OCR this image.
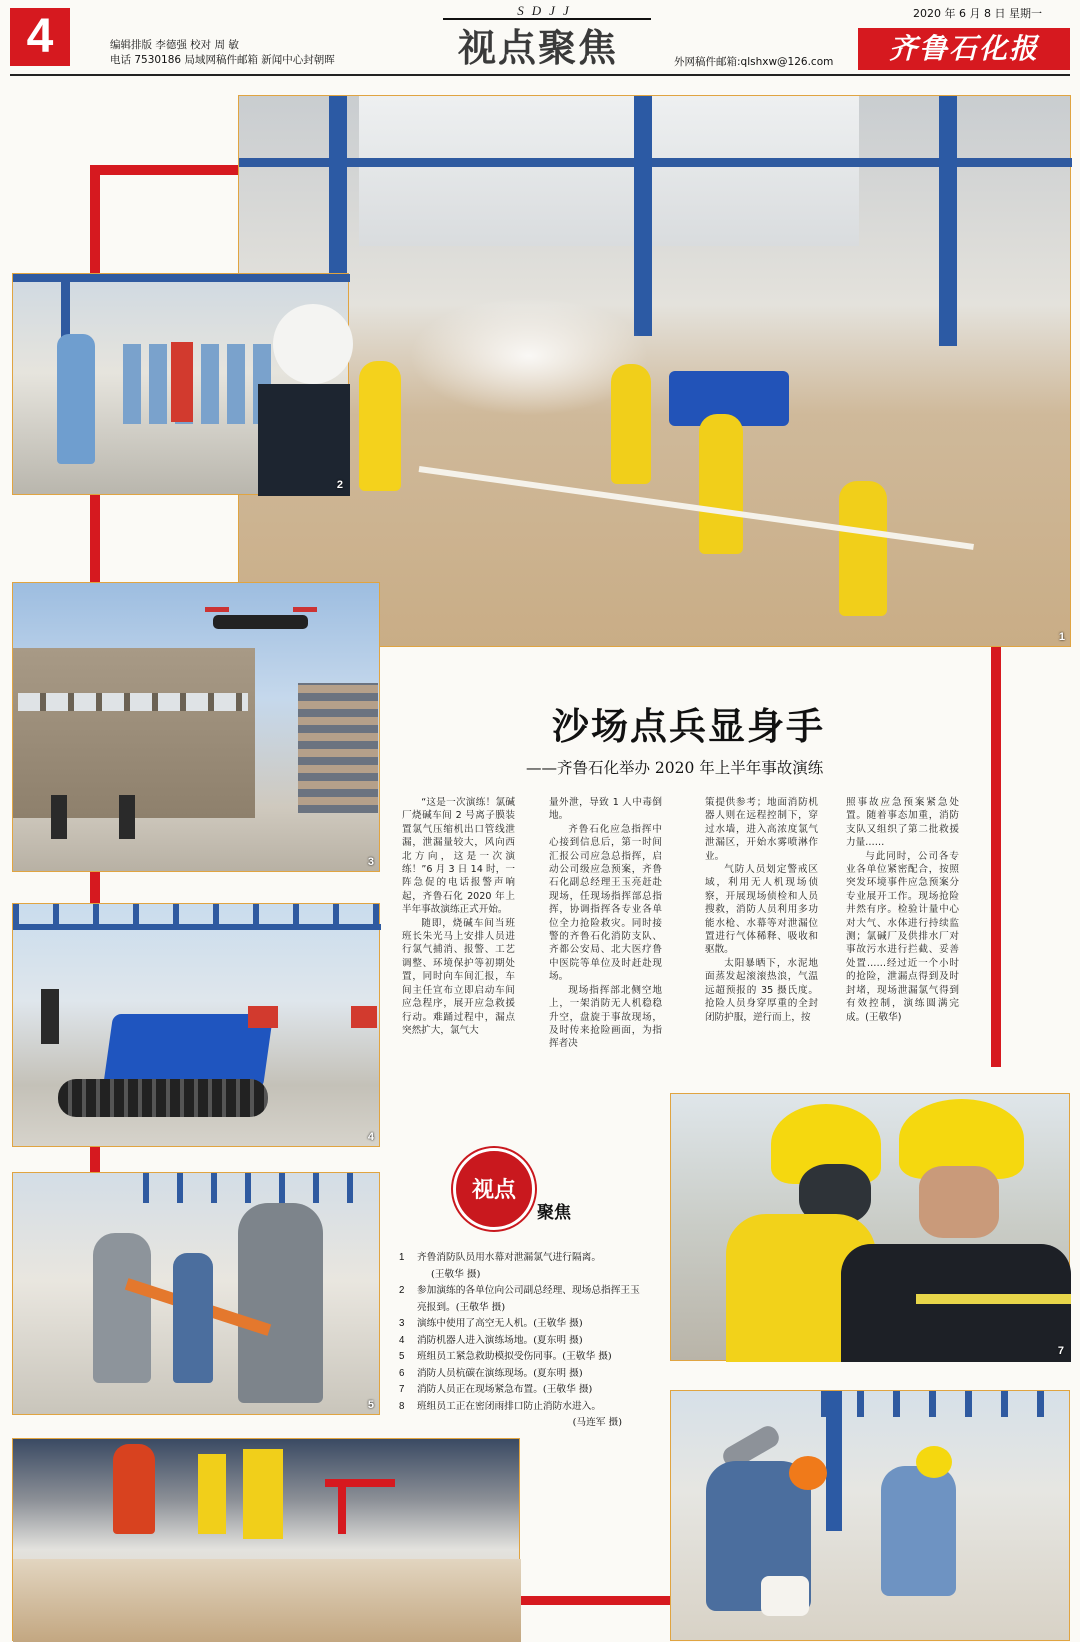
4	编辑排版 李德强 校对 周 敏
电话 7530186 局域网稿件邮箱 新闻中心封朝晖
SDJJ
视点聚焦	外网稿件邮箱:qlshxw@126.com
2020 年 6 月 8 日 星期一
齐鲁石化报
1
2
3
4
5
7
沙场点兵显身手
——齐鲁石化举办 2020 年上半年事故演练

“这是一次演练！氯碱厂烧碱车间 2 号离子膜装置氯气压缩机出口管线泄漏，泄漏量较大，风向西北方向，这是一次演练！”6 月 3 日 14 时，一阵急促的电话报警声响起，齐鲁石化 2020 年上半年事故演练正式开始。

随即，烧碱车间当班班长朱光马上安排人员进行氯气捕消、报警、工艺调整、环境保护等初期处置，同时向车间汇报，车间主任宣布立即启动车间应急程序，展开应急救援行动。难踊过程中，漏点突然扩大，氯气大

量外泄，导致 1 人中毒倒地。

齐鲁石化应急指挥中心接到信息后，第一时间汇报公司应急总指挥，启动公司级应急预案，齐鲁石化副总经理王玉亮赶赴现场，任现场指挥部总指挥，协调指挥各专业各单位全力抢险救灾。同时接警的齐鲁石化消防支队、齐都公安局、北大医疗鲁中医院等单位及时赶赴现场。

现场指挥部北侧空地上，一架消防无人机稳稳升空，盘旋于事故现场，及时传来抢险画面，为指挥者决

策提供参考；地面消防机器人则在远程控制下，穿过水墙，进入高浓度氯气泄漏区，开始水雾喷淋作业。

气防人员划定警戒区域，利用无人机现场侦察，开展现场侦检和人员搜救，消防人员利用多功能水枪、水幕等对泄漏位置进行气体稀释、吸收和驱散。

太阳暴晒下，水泥地面蒸发起滚滚热浪，气温远超预报的 35 摄氏度。抢险人员身穿厚重的全封闭防护服，逆行而上，按

照事故应急预案紧急处置。随着事态加重，消防支队又组织了第二批救援力量……

与此同时，公司各专业各单位紧密配合，按照突发环境事件应急预案分专业展开工作。现场抢险井然有序。检验计量中心对大气、水体进行持续监测；氯碱厂及供排水厂对事故污水进行拦截、妥善处置……经过近一个小时的抢险，泄漏点得到及时封堵，现场泄漏氯气得到有效控制，演练圆满完成。(王敬华)

视点
聚焦
1 齐鲁消防队员用水幕对泄漏氯气进行隔离。(王敬华 摄)
2 参加演练的各单位向公司副总经理、现场总指挥王玉亮报到。(王敬华 摄)
3 演练中使用了高空无人机。(王敬华 摄)
4 消防机器人进入演练场地。(夏东明 摄)
5 班组员工紧急救助模拟受伤同事。(王敬华 摄)
6 消防人员杭碳在演练现场。(夏东明 摄)
7 消防人员正在现场紧急布置。(王敬华 摄)
8 班组员工正在密闭雨排口防止消防水进入。
(马连军 摄)
